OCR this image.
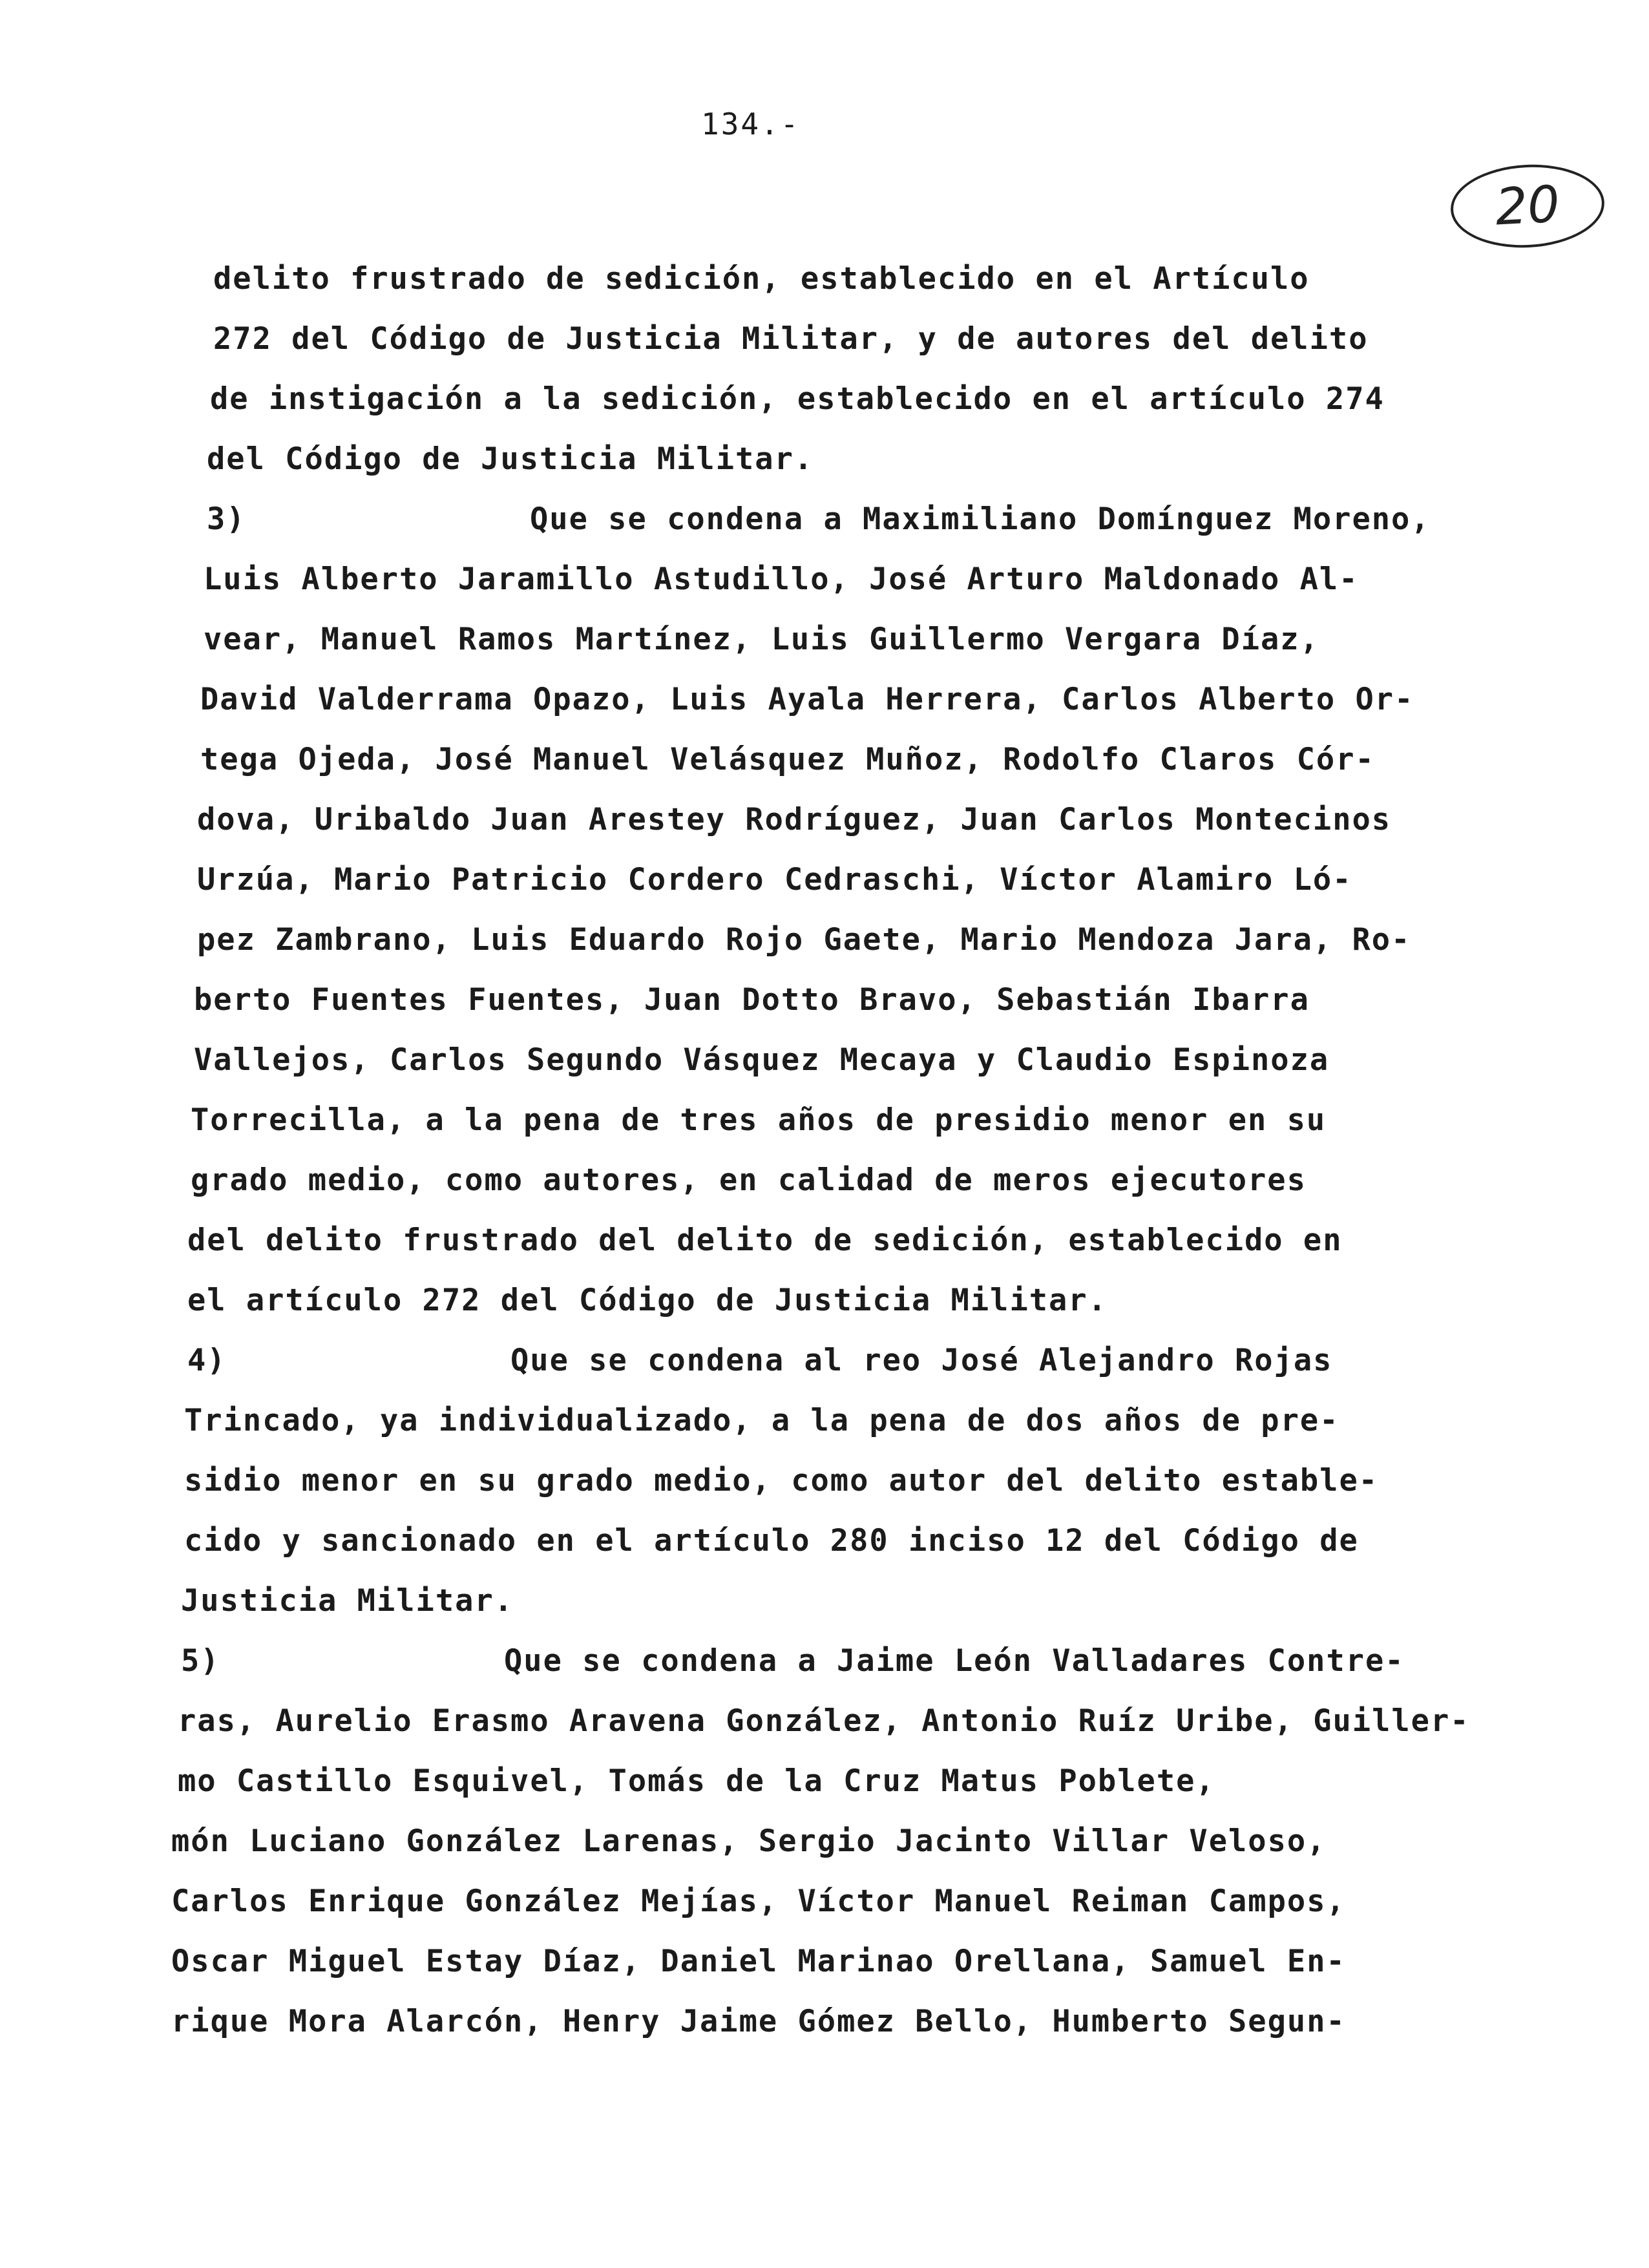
134.-
20
delito frustrado de sedición, establecido en el Artículo
272 del Código de Justicia Militar, y de autores del delito
de instigación a la sedición, establecido en el artículo 274
del Código de Justicia Militar.
3)	Que se condena a Maximiliano Domínguez Moreno,
Luis Alberto Jaramillo Astudillo, José Arturo Maldonado Al-
vear, Manuel Ramos Martínez, Luis Guillermo Vergara Díaz,
David Valderrama Opazo, Luis Ayala Herrera, Carlos Alberto Or-
tega Ojeda, José Manuel Velásquez Muñoz, Rodolfo Claros Cór-
dova, Uribaldo Juan Arestey Rodríguez, Juan Carlos Montecinos
Urzúa, Mario Patricio Cordero Cedraschi, Víctor Alamiro Ló-
pez Zambrano, Luis Eduardo Rojo Gaete, Mario Mendoza Jara, Ro-
berto Fuentes Fuentes, Juan Dotto Bravo, Sebastián Ibarra
Vallejos, Carlos Segundo Vásquez Mecaya y Claudio Espinoza
Torrecilla, a la pena de tres años de presidio menor en su
grado medio, como autores, en calidad de meros ejecutores
del delito frustrado del delito de sedición, establecido en
el artículo 272 del Código de Justicia Militar.
4)	Que se condena al reo José Alejandro Rojas
Trincado, ya individualizado, a la pena de dos años de pre-
sidio menor en su grado medio, como autor del delito estable-
cido y sancionado en el artículo 280 inciso 12 del Código de
Justicia Militar.
5)	Que se condena a Jaime León Valladares Contre-
ras, Aurelio Erasmo Aravena González, Antonio Ruíz Uribe, Guiller-
mo Castillo Esquivel, Tomás de la Cruz Matus Poblete,
món Luciano González Larenas, Sergio Jacinto Villar Veloso,
Carlos Enrique González Mejías, Víctor Manuel Reiman Campos,
Oscar Miguel Estay Díaz, Daniel Marinao Orellana, Samuel En-
rique Mora Alarcón, Henry Jaime Gómez Bello, Humberto Segun-
